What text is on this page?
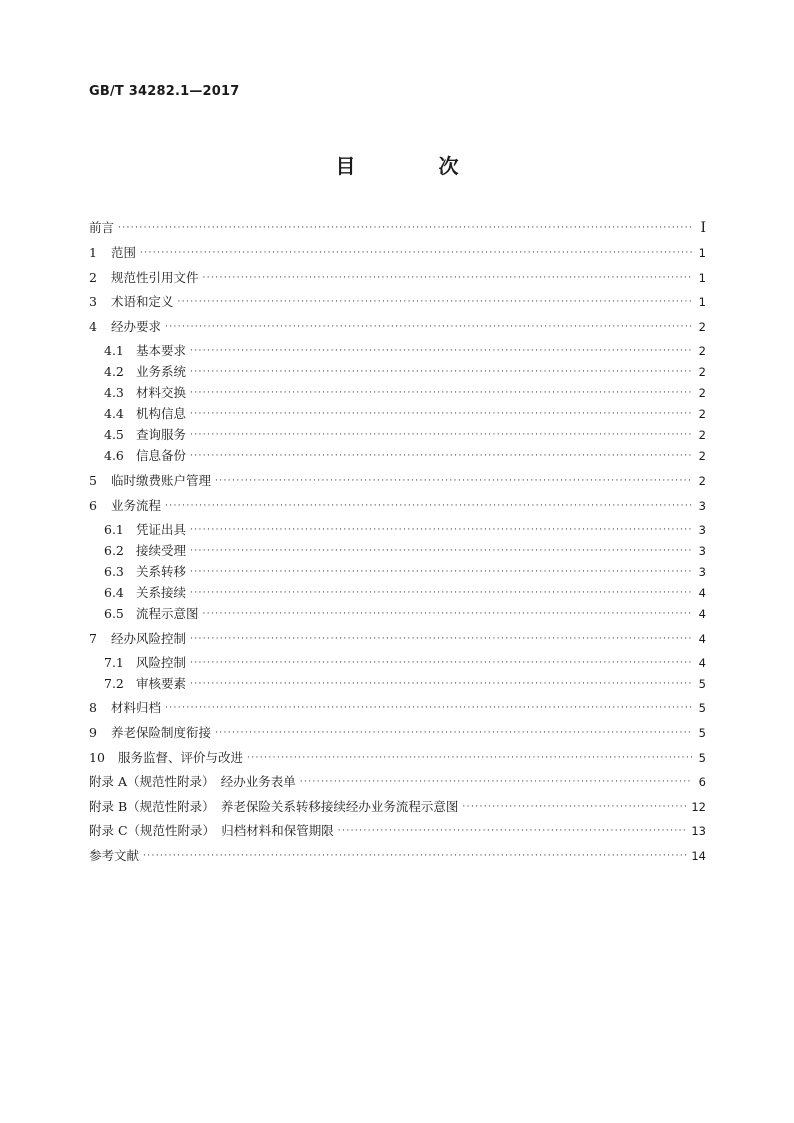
GB/T 34282.1—2017
目 次
前言 ·····	I
1	范围 ·····	1
2	规范性引用文件 ·····	1
3	术语和定义 ·····	1
4	经办要求 ·····	2
4.1 基本要求 ·····	2
4.2 业务系统 ·····	2
4.3 材料交换 ·····	2
4.4 机构信息 ·····	2
4.5 查询服务 ·····	2
4.6 信息备份 ·····	2
5	临时缴费账户管理 ·····	2
6	业务流程 ·····	3
6.1 凭证出具 ·····	3
6.2 接续受理 ·····	3
6.3 关系转移 ·····	3
6.4 关系接续 ·····	4
6.5 流程示意图 ·····	4
7	经办风险控制 ·····	4
7.1 风险控制 ·····	4
7.2 审核要素 ·····	5
8	材料归档 ·····	5
9	养老保险制度衔接 ·····	5
10	服务监督、评价与改进 ·····	5
附录 A（规范性附录）　经办业务表单 ·····	6
附录 B（规范性附录）　养老保险关系转移接续经办业务流程示意图 ·····	12
附录 C（规范性附录）　归档材料和保管期限 ·····	13
参考文献 ·····	14
